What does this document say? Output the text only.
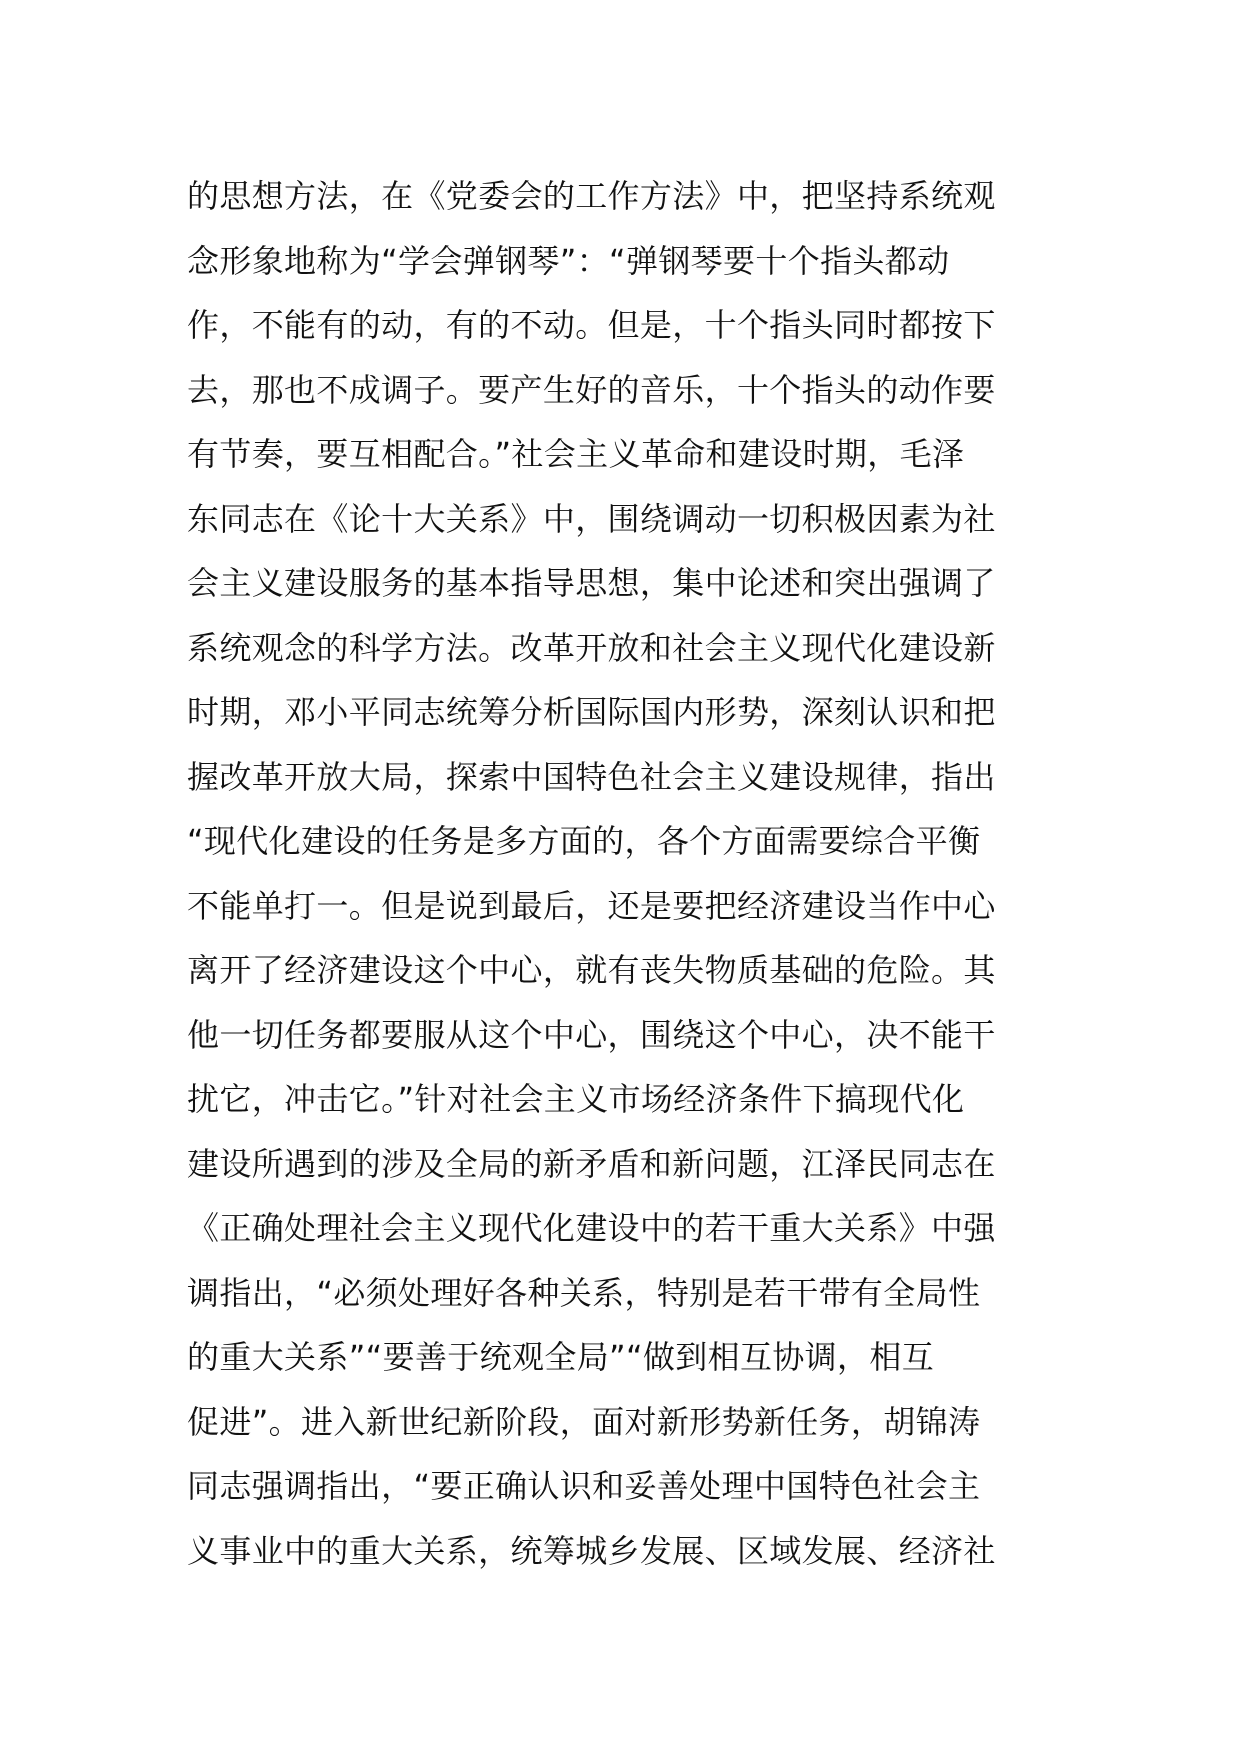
的思想方法，在《党委会的工作方法》中，把坚持系统观
念形象地称为“学会弹钢琴”：“弹钢琴要十个指头都动
作，不能有的动，有的不动。但是，十个指头同时都按下
去，那也不成调子。要产生好的音乐，十个指头的动作要
有节奏，要互相配合。”社会主义革命和建设时期，毛泽
东同志在《论十大关系》中，围绕调动一切积极因素为社
会主义建设服务的基本指导思想，集中论述和突出强调了
系统观念的科学方法。改革开放和社会主义现代化建设新
时期，邓小平同志统筹分析国际国内形势，深刻认识和把
握改革开放大局，探索中国特色社会主义建设规律，指出
“现代化建设的任务是多方面的，各个方面需要综合平衡
不能单打一。但是说到最后，还是要把经济建设当作中心
离开了经济建设这个中心，就有丧失物质基础的危险。其
他一切任务都要服从这个中心，围绕这个中心，决不能干
扰它，冲击它。”针对社会主义市场经济条件下搞现代化
建设所遇到的涉及全局的新矛盾和新问题，江泽民同志在
《正确处理社会主义现代化建设中的若干重大关系》中强
调指出，“必须处理好各种关系，特别是若干带有全局性
的重大关系”“要善于统观全局”“做到相互协调，相互
促进”。进入新世纪新阶段，面对新形势新任务，胡锦涛
同志强调指出，“要正确认识和妥善处理中国特色社会主
义事业中的重大关系，统筹城乡发展、区域发展、经济社
